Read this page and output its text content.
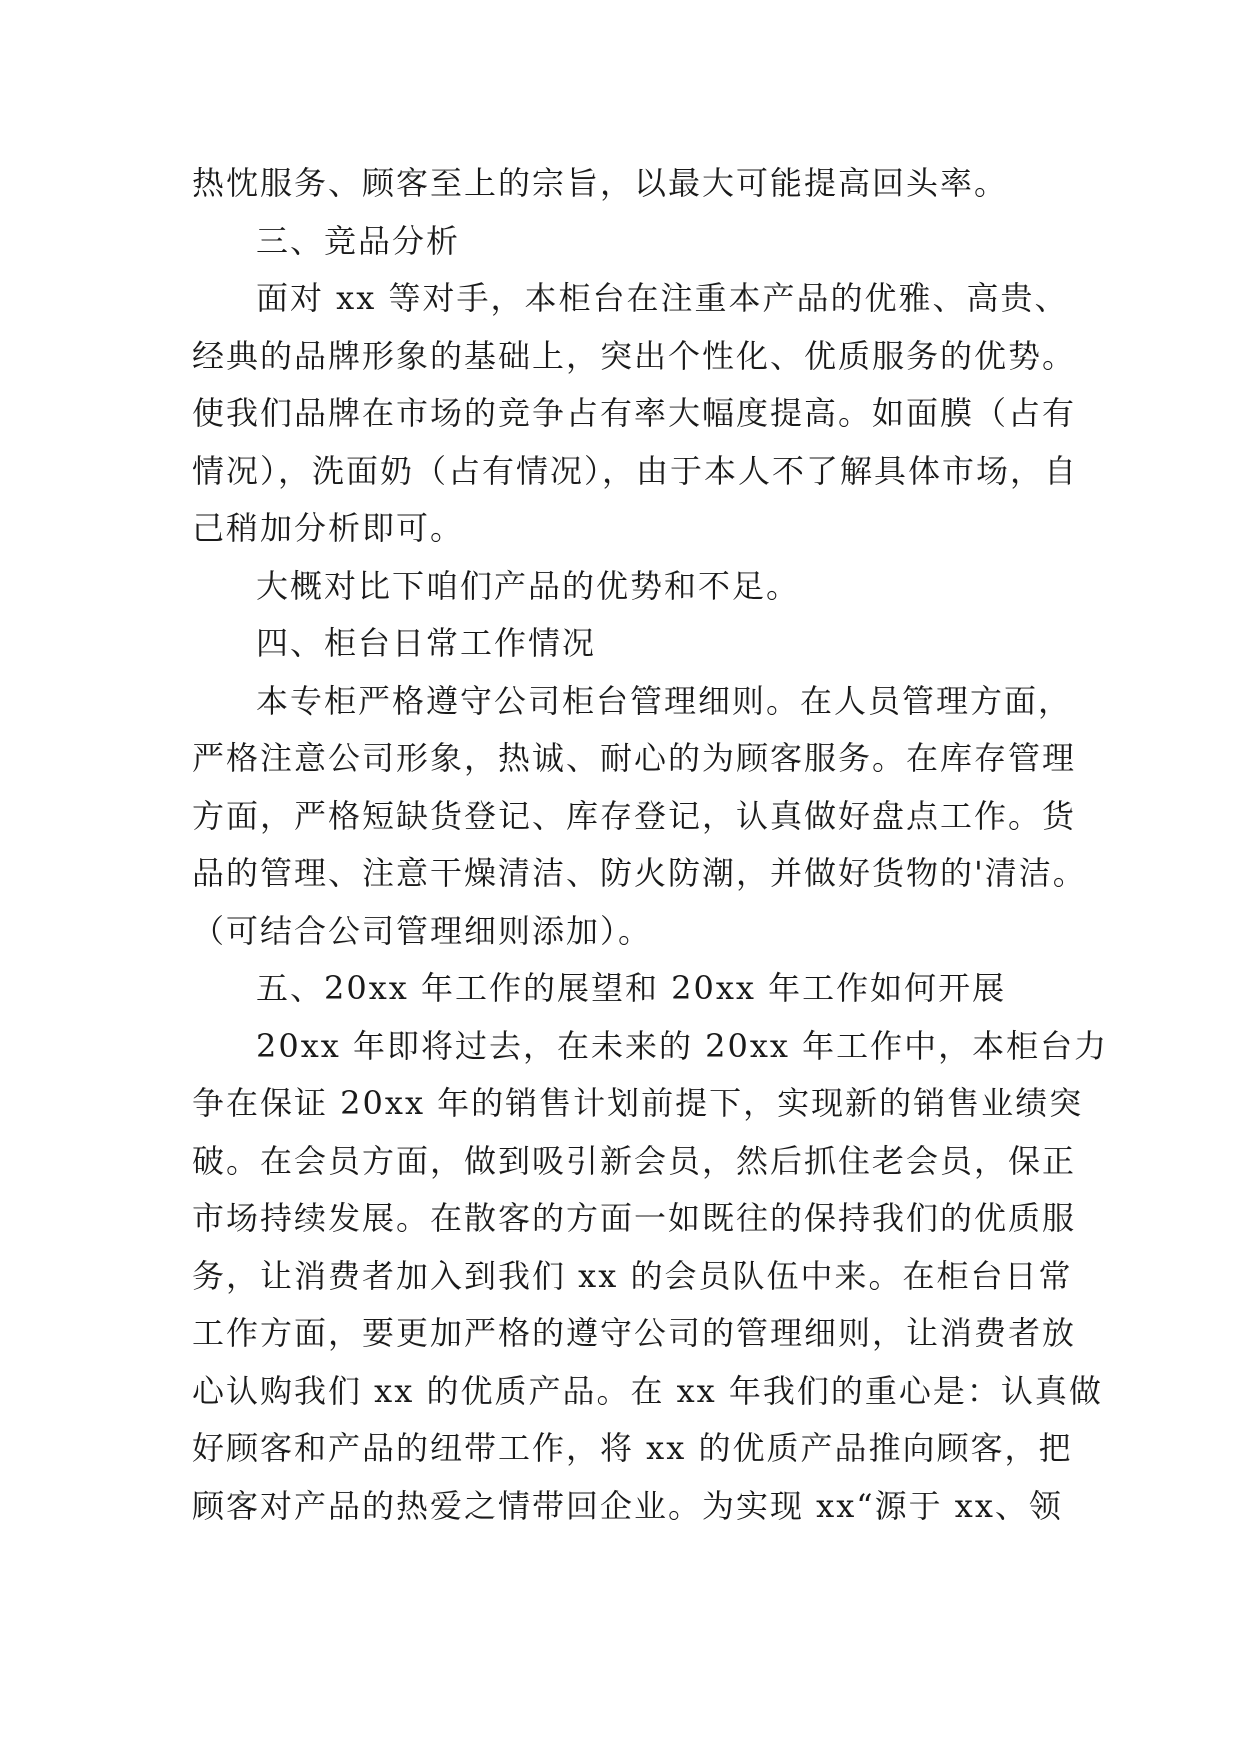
热忱服务、顾客至上的宗旨，以最大可能提高回头率。
三、竞品分析
面对 xx 等对手，本柜台在注重本产品的优雅、高贵、
经典的品牌形象的基础上，突出个性化、优质服务的优势。
使我们品牌在市场的竞争占有率大幅度提高。如面膜（占有
情况），洗面奶（占有情况），由于本人不了解具体市场，自
己稍加分析即可。
大概对比下咱们产品的优势和不足。
四、柜台日常工作情况
本专柜严格遵守公司柜台管理细则。在人员管理方面，
严格注意公司形象，热诚、耐心的为顾客服务。在库存管理
方面，严格短缺货登记、库存登记，认真做好盘点工作。货
品的管理、注意干燥清洁、防火防潮，并做好货物的'清洁。
（可结合公司管理细则添加）。
五、20xx 年工作的展望和 20xx 年工作如何开展
20xx 年即将过去，在未来的 20xx 年工作中，本柜台力
争在保证 20xx 年的销售计划前提下，实现新的销售业绩突
破。在会员方面，做到吸引新会员，然后抓住老会员，保正
市场持续发展。在散客的方面一如既往的保持我们的优质服
务，让消费者加入到我们 xx 的会员队伍中来。在柜台日常
工作方面，要更加严格的遵守公司的管理细则，让消费者放
心认购我们 xx 的优质产品。在 xx 年我们的重心是：认真做
好顾客和产品的纽带工作，将 xx 的优质产品推向顾客，把
顾客对产品的热爱之情带回企业。为实现 xx“源于 xx、领
